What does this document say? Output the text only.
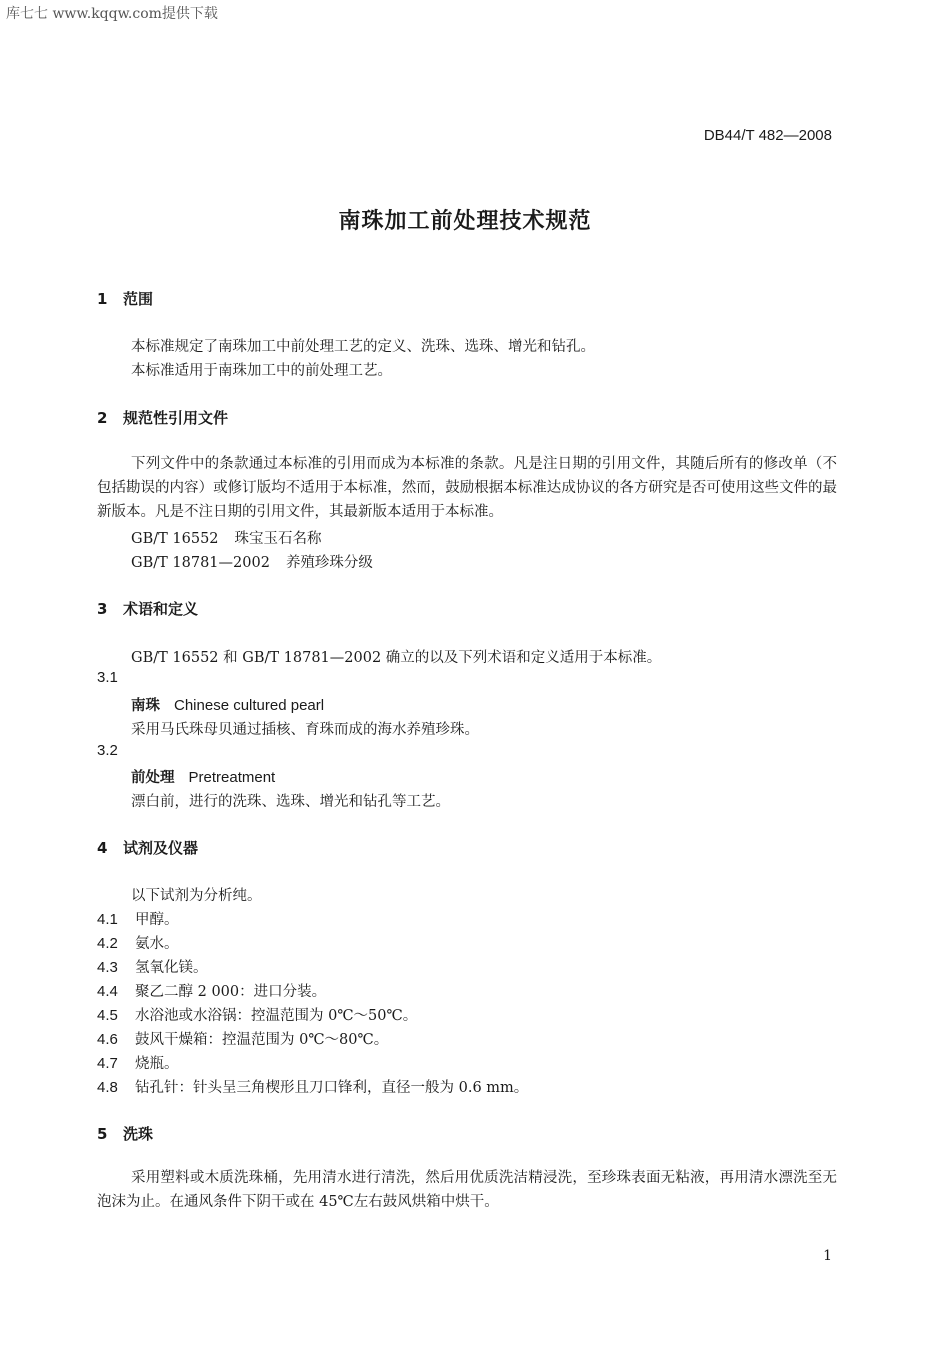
库七七 www.kqqw.com提供下载
DB44/T 482—2008
南珠加工前处理技术规范
1 范围
本标准规定了南珠加工中前处理工艺的定义、洗珠、选珠、增光和钻孔。
本标准适用于南珠加工中的前处理工艺。
2 规范性引用文件
下列文件中的条款通过本标准的引用而成为本标准的条款。凡是注日期的引用文件，其随后所有的修改单（不包括勘误的内容）或修订版均不适用于本标准，然而，鼓励根据本标准达成协议的各方研究是否可使用这些文件的最新版本。凡是不注日期的引用文件，其最新版本适用于本标准。
GB/T 16552 珠宝玉石名称
GB/T 18781—2002 养殖珍珠分级
3 术语和定义
GB/T 16552 和 GB/T 18781—2002 确立的以及下列术语和定义适用于本标准。
3.1
南珠 Chinese cultured pearl
采用马氏珠母贝通过插核、育珠而成的海水养殖珍珠。
3.2
前处理 Pretreatment
漂白前，进行的洗珠、选珠、增光和钻孔等工艺。
4 试剂及仪器
以下试剂为分析纯。
4.1 甲醇。
4.2 氨水。
4.3 氢氧化镁。
4.4 聚乙二醇 2 000：进口分装。
4.5 水浴池或水浴锅：控温范围为 0℃～50℃。
4.6 鼓风干燥箱：控温范围为 0℃～80℃。
4.7 烧瓶。
4.8 钻孔针：针头呈三角楔形且刀口锋利，直径一般为 0.6 mm。
5 洗珠
采用塑料或木质洗珠桶，先用清水进行清洗，然后用优质洗洁精浸洗，至珍珠表面无粘液，再用清水漂洗至无泡沫为止。在通风条件下阴干或在 45℃左右鼓风烘箱中烘干。
1
